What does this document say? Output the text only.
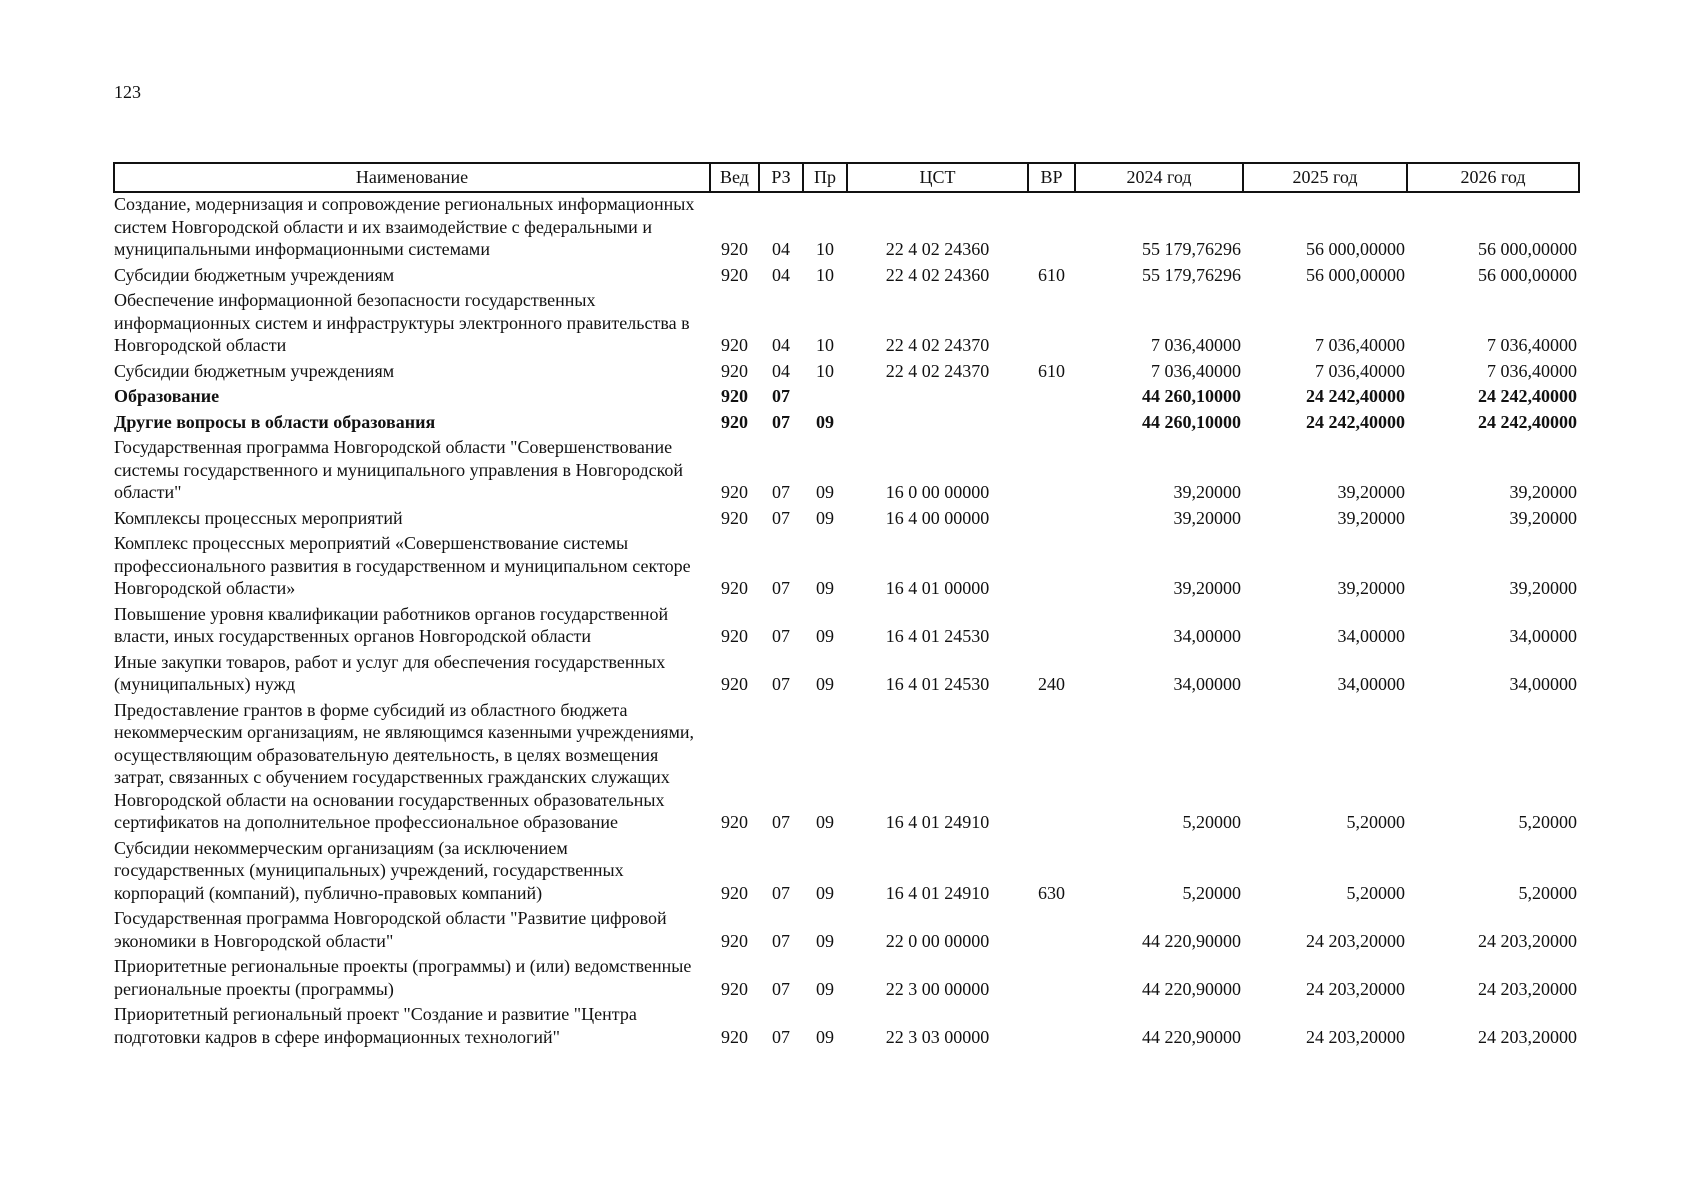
123
Наименование	Вед	РЗ	Пр	ЦСТ	ВР	2024 год	2025 год	2026 год
Создание, модернизация и сопровождение региональных информационных систем Новгородской области и их взаимодействие с федеральными и муниципальными информационными системами	920	04	10	22 4 02 24360		55 179,76296	56 000,00000	56 000,00000
Субсидии бюджетным учреждениям	920	04	10	22 4 02 24360	610	55 179,76296	56 000,00000	56 000,00000
Обеспечение информационной безопасности государственных информационных систем и инфраструктуры электронного правительства в Новгородской области	920	04	10	22 4 02 24370		7 036,40000	7 036,40000	7 036,40000
Субсидии бюджетным учреждениям	920	04	10	22 4 02 24370	610	7 036,40000	7 036,40000	7 036,40000
Образование	920	07				44 260,10000	24 242,40000	24 242,40000
Другие вопросы в области образования	920	07	09			44 260,10000	24 242,40000	24 242,40000
Государственная программа Новгородской области "Совершенствование системы государственного и муниципального управления в Новгородской области"	920	07	09	16 0 00 00000		39,20000	39,20000	39,20000
Комплексы процессных мероприятий	920	07	09	16 4 00 00000		39,20000	39,20000	39,20000
Комплекс процессных мероприятий «Совершенствование системы профессионального развития в государственном и муниципальном секторе Новгородской области»	920	07	09	16 4 01 00000		39,20000	39,20000	39,20000
Повышение уровня квалификации работников органов государственной власти, иных государственных органов Новгородской области	920	07	09	16 4 01 24530		34,00000	34,00000	34,00000
Иные закупки товаров, работ и услуг для обеспечения государственных (муниципальных) нужд	920	07	09	16 4 01 24530	240	34,00000	34,00000	34,00000
Предоставление грантов в форме субсидий из областного бюджета некоммерческим организациям, не являющимся казенными учреждениями, осуществляющим образовательную деятельность, в целях возмещения затрат, связанных с обучением государственных гражданских служащих Новгородской области на основании государственных образовательных сертификатов на дополнительное профессиональное образование	920	07	09	16 4 01 24910		5,20000	5,20000	5,20000
Субсидии некоммерческим организациям (за исключением государственных (муниципальных) учреждений, государственных корпораций (компаний), публично-правовых компаний)	920	07	09	16 4 01 24910	630	5,20000	5,20000	5,20000
Государственная программа Новгородской области "Развитие цифровой экономики в Новгородской области"	920	07	09	22 0 00 00000		44 220,90000	24 203,20000	24 203,20000
Приоритетные региональные проекты (программы) и (или) ведомственные региональные проекты (программы)	920	07	09	22 3 00 00000		44 220,90000	24 203,20000	24 203,20000
Приоритетный региональный проект "Создание и развитие "Центра подготовки кадров в сфере информационных технологий"	920	07	09	22 3 03 00000		44 220,90000	24 203,20000	24 203,20000
